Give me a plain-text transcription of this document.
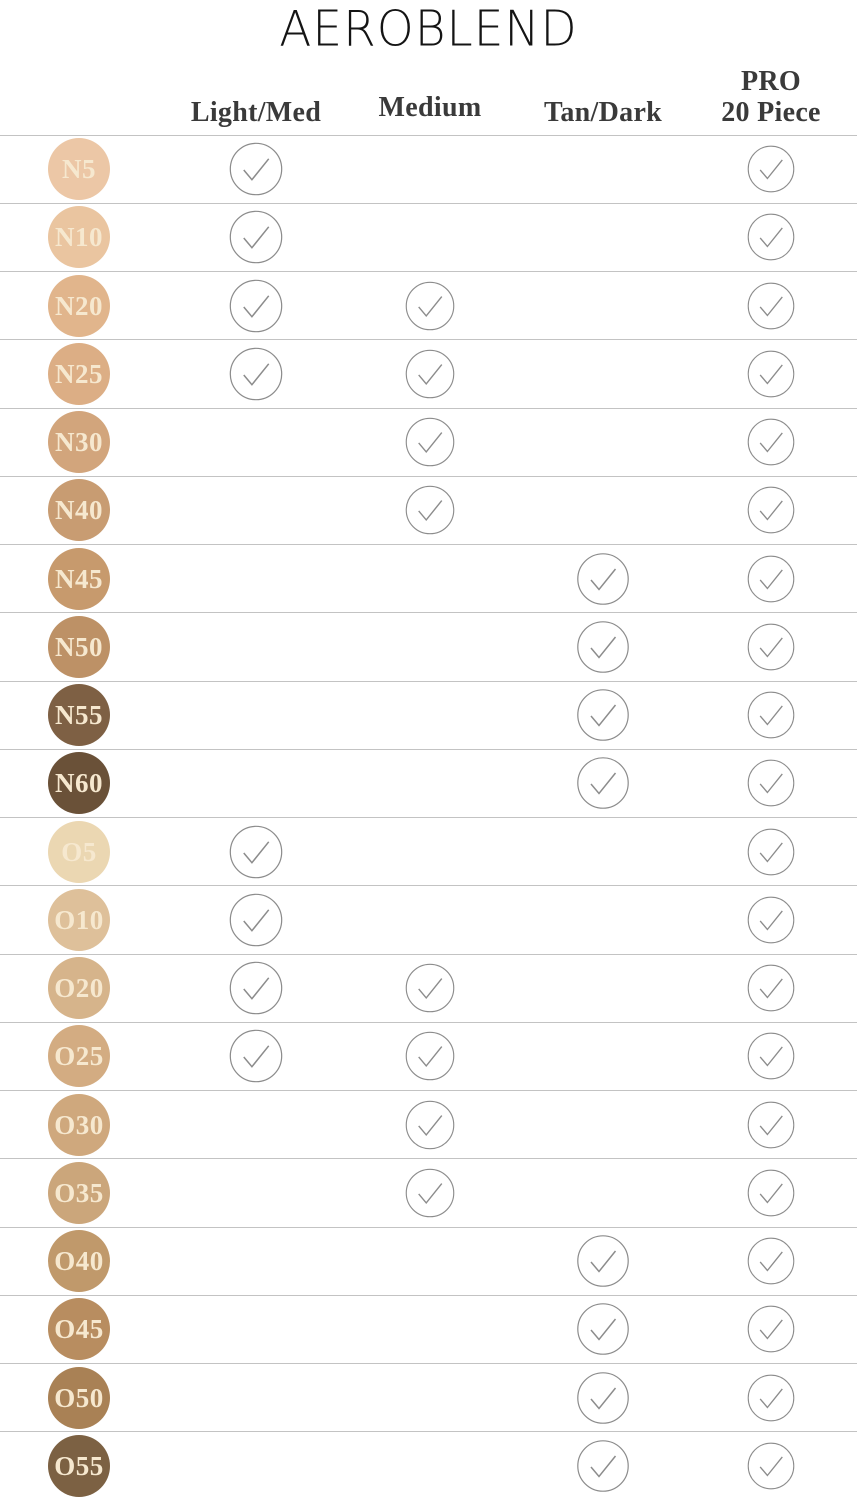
AEROBLEND
Light/Med Medium Tan/Dark
PRO
20 Piece
N5
N10
N20
N25
N30
N40
N45
N50
N55
N60
O5
O10
O20
O25
O30
O35
O40
O45
O50
O55
